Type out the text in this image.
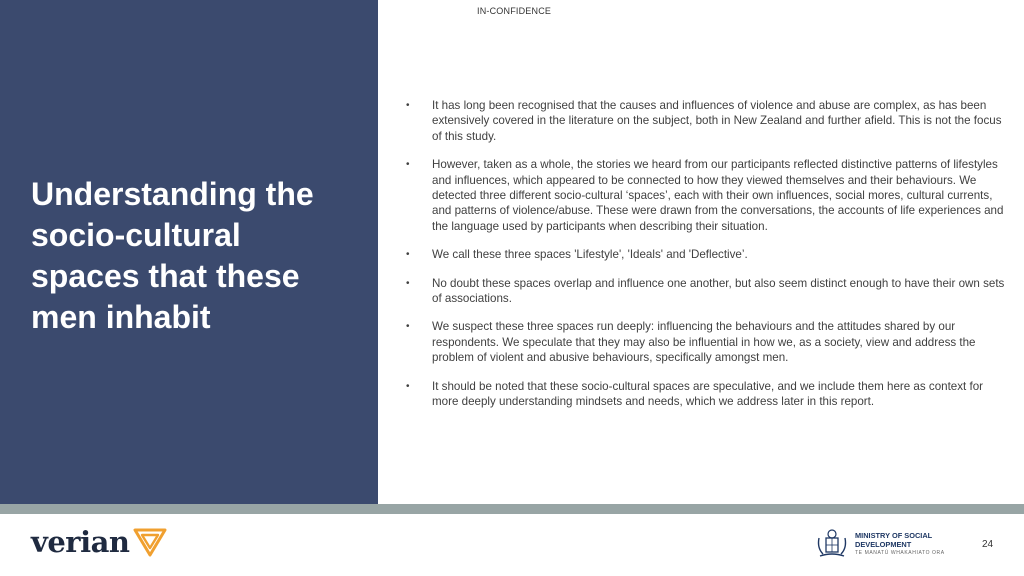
Understanding the socio-cultural spaces that these men inhabit
IN-CONFIDENCE
• It has long been recognised that the causes and influences of violence and abuse are complex, as has been extensively covered in the literature on the subject, both in New Zealand and further afield. This is not the focus of this study.
• However, taken as a whole, the stories we heard from our participants reflected distinctive patterns of lifestyles and influences, which appeared to be connected to how they viewed themselves and their behaviours. We detected three different socio-cultural ‘spaces’, each with their own influences, social mores, cultural currents, and patterns of violence/abuse. These were drawn from the conversations, the accounts of life experiences and the language used by participants when describing their situation.
• We call these three spaces 'Lifestyle', 'Ideals' and 'Deflective’.
• No doubt these spaces overlap and influence one another, but also seem distinct enough to have their own sets of associations.
• We suspect these three spaces run deeply: influencing the behaviours and the attitudes shared by our respondents. We speculate that they may also be influential in how we, as a society, view and address the problem of violent and abusive behaviours, specifically amongst men.
• It should be noted that these socio-cultural spaces are speculative, and we include them here as context for more deeply understanding mindsets and needs, which we address later in this report.
verian	MINISTRY OF SOCIAL
DEVELOPMENT
TE MANATŪ WHAKAHIATO ORA
24
